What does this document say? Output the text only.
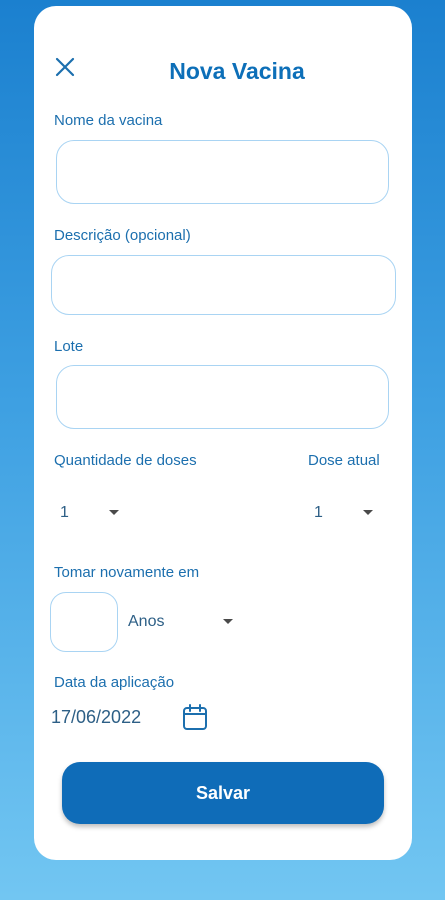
Nova Vacina
Nome da vacina
Descrição (opcional)
Lote
Quantidade de doses	Dose atual
1	1
Tomar novamente em
Anos
Data da aplicação
17/06/2022
Salvar
